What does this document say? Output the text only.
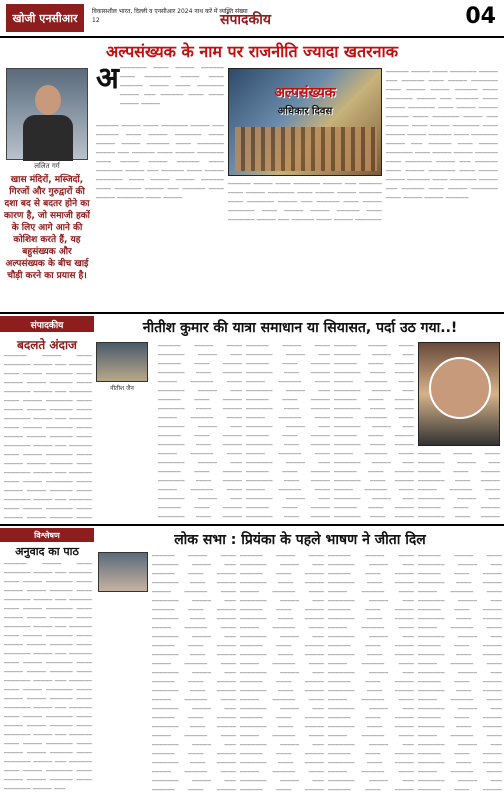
खोजी एनसीआर	विकासशील भारत, दिल्ली व एनसीआर 2024 नाथ करें में व्यक्ति संख्या 12	संपादकीय	04
अल्पसंख्यक के नाम पर राजनीति ज्यादा खतरनाक
ललित गर्ग
खास मंदिरों, मस्जिदों, गिरजों और गुरुद्वारों की दशा बद से बदतर होने का कारण है, जो समाजी हकों के लिए आगे आने की कोशिश करते हैं, यह बहुसंख्यक और अल्पसंख्यक के बीच खाई चौड़ी करने का प्रयास है।
अ ─────── ──── ───── ────── ──── ─────── ───── ──── ────── ───── ──── ─────── ───── ─── ────── ──── ──── ───── ─────
────── ───── ──── ─────── ───── ─── ────── ──── ───── ─────── ──── ───── ───── ────── ──── ─────── ───── ─── ────── ──── ───── ─────── ──── ───── ───── ────── ──── ─────── ───── ─── ────── ──── ───── ─────── ──── ───── ───── ────── ──── ─────── ───── ─── ────── ──── ───── ─────── ──── ─────
अल्पसंख्यक
अधिकार दिवस
────── ───── ──── ─────── ───── ─── ────── ──── ───── ─────── ──── ───── ───── ────── ──── ─────── ───── ─── ────── ──── ───── ─────── ──── ───── ───── ────── ──── ─────── ───── ─── ────── ──── ───── ───────
────── ───── ──── ─────── ───── ─── ────── ──── ───── ─────── ──── ───── ───── ────── ──── ─────── ───── ─── ────── ──── ───── ─────── ──── ───── ───── ────── ──── ─────── ───── ─── ────── ──── ───── ─────── ──── ───── ───── ────── ──── ─────── ───── ─── ────── ──── ───── ─────── ──── ───── ───── ────── ──── ─────── ───── ─── ────── ──── ───── ─────── ──── ───── ───── ────── ──── ─────── ───── ─── ────── ──── ───── ─────── ──── ───── ───── ──────
संपादकीय
बदलते अंदाज
────── ───── ──── ─────── ───── ─── ────── ──── ───── ─────── ──── ───── ───── ────── ──── ─────── ───── ─── ────── ──── ───── ─────── ──── ───── ───── ────── ──── ─────── ───── ─── ────── ──── ───── ─────── ──── ───── ───── ────── ──── ─────── ───── ─── ────── ──── ───── ─────── ──── ───── ───── ────── ──── ─────── ───── ─── ────── ──── ───── ─────── ──── ───── ───── ────── ──── ─────── ───── ─── ────── ──── ───── ─────── ──── ───── ───── ────── ────
नीतीश कुमार की यात्रा समाधान या सियासत, पर्दा उठ गया..!
नीतीश जैन
────── ───── ──── ─────── ───── ─── ────── ──── ───── ─────── ──── ───── ───── ────── ──── ─────── ───── ─── ────── ──── ───── ─────── ──── ───── ───── ────── ──── ─────── ───── ─── ────── ──── ───── ─────── ──── ───── ───── ────── ──── ─────── ───── ─── ────── ──── ───── ─────── ──── ───── ───── ────── ──── ─────── ───── ─── ────── ──── ───── ─────── ──── ─────
────── ───── ──── ─────── ───── ─── ────── ──── ───── ─────── ──── ───── ───── ────── ──── ─────── ───── ─── ────── ──── ───── ─────── ──── ───── ───── ────── ──── ─────── ───── ─── ────── ──── ───── ─────── ──── ───── ───── ────── ──── ─────── ───── ─── ────── ──── ───── ─────── ──── ───── ───── ────── ──── ─────── ───── ─── ────── ──── ───── ─────── ──── ─────
────── ───── ──── ─────── ───── ─── ────── ──── ───── ─────── ──── ───── ───── ────── ──── ─────── ───── ─── ────── ──── ───── ─────── ──── ───── ───── ────── ──── ─────── ───── ─── ────── ──── ───── ─────── ──── ───── ───── ────── ──── ─────── ───── ─── ────── ──── ───── ─────── ──── ───── ───── ────── ──── ─────── ───── ─── ────── ──── ───── ─────── ──── ─────
────── ───── ──── ─────── ───── ─── ────── ──── ───── ─────── ──── ───── ───── ────── ──── ─────── ───── ─── ────── ──── ───── ─────── ──── ─────
विश्लेषण
अनुवाद का पाठ
────── ───── ──── ─────── ───── ─── ────── ──── ───── ─────── ──── ───── ───── ────── ──── ─────── ───── ─── ────── ──── ───── ─────── ──── ───── ───── ────── ──── ─────── ───── ─── ────── ──── ───── ─────── ──── ───── ───── ────── ──── ─────── ───── ─── ────── ──── ───── ─────── ──── ───── ───── ────── ──── ─────── ───── ─── ────── ──── ───── ─────── ──── ───── ───── ────── ──── ─────── ───── ─── ────── ──── ───── ─────── ──── ───── ───── ────── ──── ─────── ───── ─── ────── ──── ───── ─────── ──── ───── ───── ────── ──── ─────── ───── ─── ────── ──── ───── ─────── ──── ───── ───── ────── ──── ─────── ───── ───
लोक सभा : प्रियंका के पहले भाषण ने जीता दिल
────── ───── ──── ─────── ───── ─── ────── ──── ───── ─────── ──── ───── ───── ────── ──── ─────── ───── ─── ────── ──── ───── ─────── ──── ───── ───── ────── ──── ─────── ───── ─── ────── ──── ───── ─────── ──── ───── ───── ────── ──── ─────── ───── ─── ────── ──── ───── ─────── ──── ───── ───── ────── ──── ─────── ───── ─── ────── ──── ───── ─────── ──── ───── ───── ────── ──── ─────── ───── ─── ────── ──── ───── ─────── ──── ───── ───── ────── ──── ─────── ───── ─── ────── ──── ─────
────── ───── ──── ─────── ───── ─── ────── ──── ───── ─────── ──── ───── ───── ────── ──── ─────── ───── ─── ────── ──── ───── ─────── ──── ───── ───── ────── ──── ─────── ───── ─── ────── ──── ───── ─────── ──── ───── ───── ────── ──── ─────── ───── ─── ────── ──── ───── ─────── ──── ───── ───── ────── ──── ─────── ───── ─── ────── ──── ───── ─────── ──── ───── ───── ────── ──── ─────── ───── ─── ────── ──── ───── ─────── ──── ───── ───── ────── ──── ─────── ───── ─── ────── ──── ─────
────── ───── ──── ─────── ───── ─── ────── ──── ───── ─────── ──── ───── ───── ────── ──── ─────── ───── ─── ────── ──── ───── ─────── ──── ───── ───── ────── ──── ─────── ───── ─── ────── ──── ───── ─────── ──── ───── ───── ────── ──── ─────── ───── ─── ────── ──── ───── ─────── ──── ───── ───── ────── ──── ─────── ───── ─── ────── ──── ───── ─────── ──── ───── ───── ────── ──── ─────── ───── ─── ────── ──── ───── ─────── ──── ───── ───── ────── ──── ─────── ───── ─── ────── ──── ─────
────── ───── ──── ─────── ───── ─── ────── ──── ───── ─────── ──── ───── ───── ────── ──── ─────── ───── ─── ────── ──── ───── ─────── ──── ───── ───── ────── ──── ─────── ───── ─── ────── ──── ───── ─────── ──── ───── ───── ────── ──── ─────── ───── ─── ────── ──── ───── ─────── ──── ───── ───── ────── ──── ─────── ───── ─── ────── ──── ───── ─────── ──── ───── ───── ────── ──── ─────── ───── ─── ────── ──── ───── ─────── ──── ───── ───── ────── ──── ─────── ───── ─── ────── ──── ─────
